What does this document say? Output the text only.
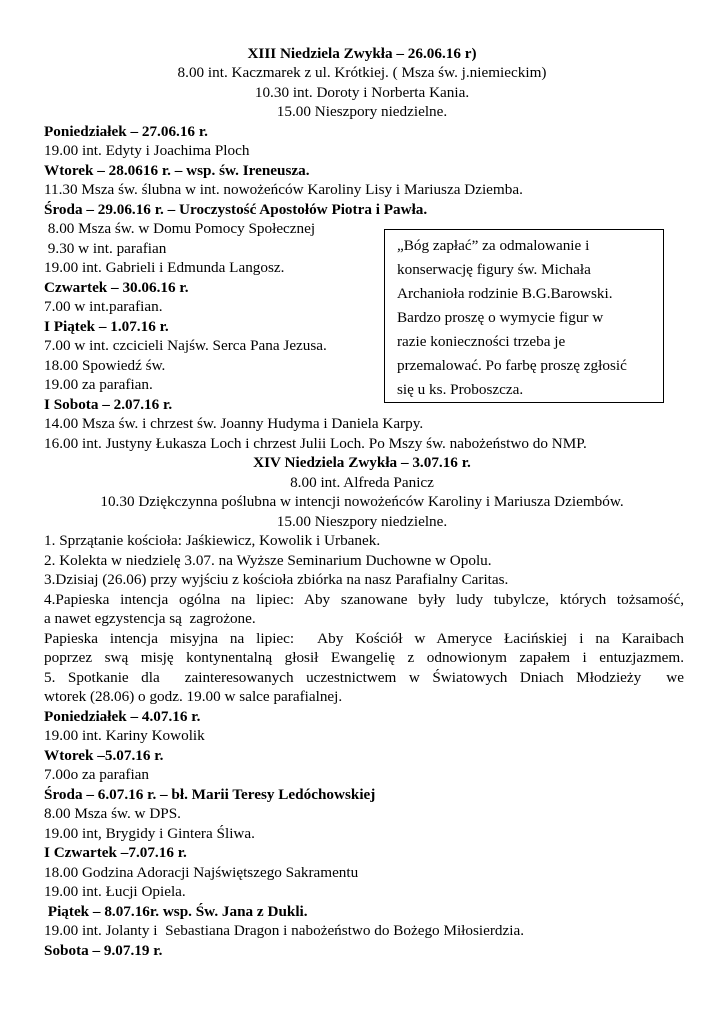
XIII Niedziela Zwykła – 26.06.16 r)
8.00 int. Kaczmarek z ul. Krótkiej. ( Msza św. j.niemieckim)
10.30 int. Doroty i Norberta Kania.
15.00 Nieszpory niedzielne.
Poniedziałek – 27.06.16 r.
19.00 int. Edyty i Joachima Ploch
Wtorek – 28.0616 r. – wsp. św. Ireneusza.
11.30 Msza św. ślubna w int. nowożeńców Karoliny Lisy i Mariusza Dziemba.
Środa – 29.06.16 r. – Uroczystość Apostołów Piotra i Pawła.
8.00 Msza św. w Domu Pomocy Społecznej
9.30 w int. parafian
19.00 int. Gabrieli i Edmunda Langosz.
Czwartek – 30.06.16 r.
7.00 w int.parafian.
I Piątek – 1.07.16 r.
7.00 w int. czcicieli Najśw. Serca Pana Jezusa.
18.00 Spowiedź św.
19.00 za parafian.
I Sobota – 2.07.16 r.
14.00 Msza św. i chrzest św. Joanny Hudyma i Daniela Karpy.
16.00 int. Justyny Łukasza Loch i chrzest Julii Loch. Po Mszy św. nabożeństwo do NMP.
XIV Niedziela Zwykła – 3.07.16 r.
8.00 int. Alfreda Panicz
10.30 Dziękczynna poślubna w intencji nowożeńców Karoliny i Mariusza Dziembów.
15.00 Nieszpory niedzielne.
1. Sprzątanie kościoła: Jaśkiewicz, Kowolik i Urbanek.
2. Kolekta w niedzielę 3.07. na Wyższe Seminarium Duchowne w Opolu.
3.Dzisiaj (26.06) przy wyjściu z kościoła zbiórka na nasz Parafialny Caritas.
4.Papieska intencja ogólna na lipiec: Aby szanowane były ludy tubylcze, których tożsamość,
a nawet egzystencja są  zagrożone.
Papieska intencja misyjna na lipiec:  Aby Kościół w Ameryce Łacińskiej i na Karaibach
poprzez swą misję kontynentalną głosił Ewangelię z odnowionym zapałem i entuzjazmem.
5. Spotkanie dla  zainteresowanych uczestnictwem w Światowych Dniach Młodzieży  we
wtorek (28.06) o godz. 19.00 w salce parafialnej.
Poniedziałek – 4.07.16 r.
19.00 int. Kariny Kowolik
Wtorek –5.07.16 r.
7.00o za parafian
Środa – 6.07.16 r. – bł. Marii Teresy Ledóchowskiej
8.00 Msza św. w DPS.
19.00 int, Brygidy i Gintera Śliwa.
I Czwartek –7.07.16 r.
18.00 Godzina Adoracji Najświętszego Sakramentu
19.00 int. Łucji Opiela.
Piątek – 8.07.16r. wsp. Św. Jana z Dukli.
19.00 int. Jolanty i  Sebastiana Dragon i nabożeństwo do Bożego Miłosierdzia.
Sobota – 9.07.19 r.
„Bóg zapłać” za odmalowanie i
konserwację figury św. Michała
Archanioła rodzinie B.G.Barowski.
Bardzo proszę o wymycie figur w
razie konieczności trzeba je
przemalować. Po farbę proszę zgłosić
się u ks. Proboszcza.
